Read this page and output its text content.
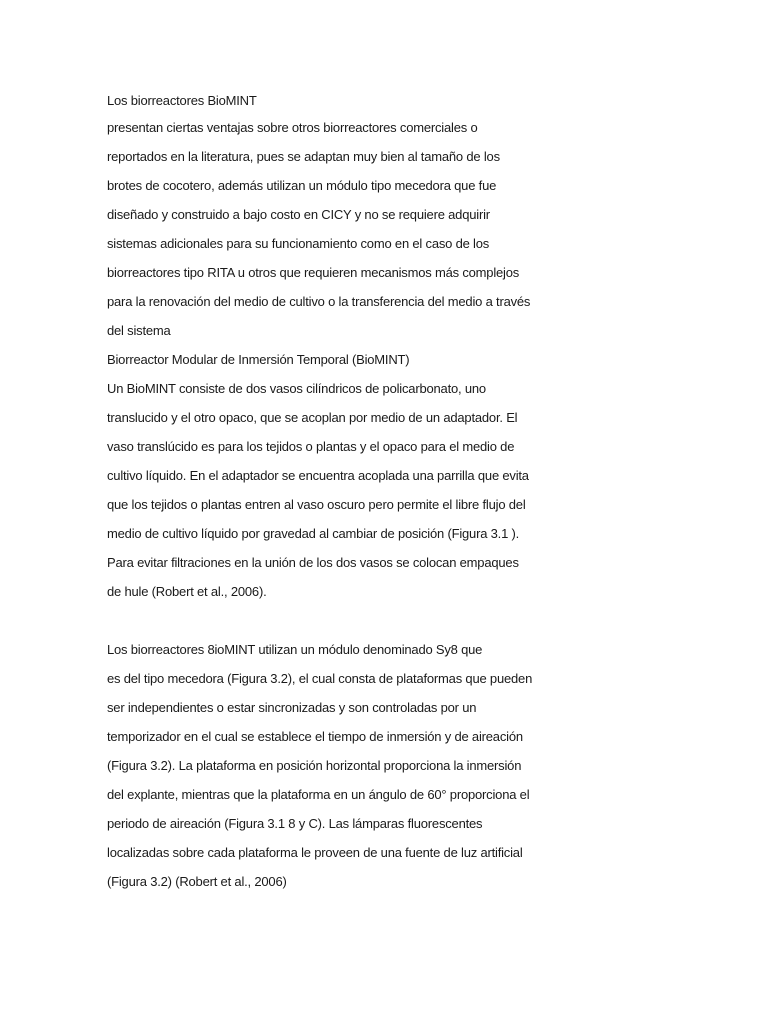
Los biorreactores BioMINT
presentan ciertas ventajas sobre otros biorreactores comerciales o
reportados en la literatura, pues se adaptan muy bien al tamaño de los
brotes de cocotero, además utilizan un módulo tipo mecedora que fue
diseñado y construido a bajo costo en CICY y no se requiere adquirir
sistemas adicionales para su funcionamiento como en el caso de los
biorreactores tipo RITA u otros que requieren mecanismos más complejos
para la renovación del medio de cultivo o la transferencia del medio a través
del sistema
Biorreactor Modular de Inmersión Temporal (BioMINT)
Un BioMINT consiste de dos vasos cilíndricos de policarbonato, uno
translucido y el otro opaco, que se acoplan por medio de un adaptador. El
vaso translúcido es para los tejidos o plantas y el opaco para el medio de
cultivo líquido. En el adaptador se encuentra acoplada una parrilla que evita
que los tejidos o plantas entren al vaso oscuro pero permite el libre flujo del
medio de cultivo líquido por gravedad al cambiar de posición (Figura 3.1 ).
Para evitar filtraciones en la unión de los dos vasos se colocan empaques
de hule (Robert et al., 2006).
Los biorreactores 8ioMINT utilizan un módulo denominado Sy8 que
es del tipo mecedora (Figura 3.2), el cual consta de plataformas que pueden
ser independientes o estar sincronizadas y son controladas por un
temporizador en el cual se establece el tiempo de inmersión y de aireación
(Figura 3.2). La plataforma en posición horizontal proporciona la inmersión
del explante, mientras que la plataforma en un ángulo de 60° proporciona el
periodo de aireación (Figura 3.1 8 y C). Las lámparas fluorescentes
localizadas sobre cada plataforma le proveen de una fuente de luz artificial
(Figura 3.2) (Robert et al., 2006)
